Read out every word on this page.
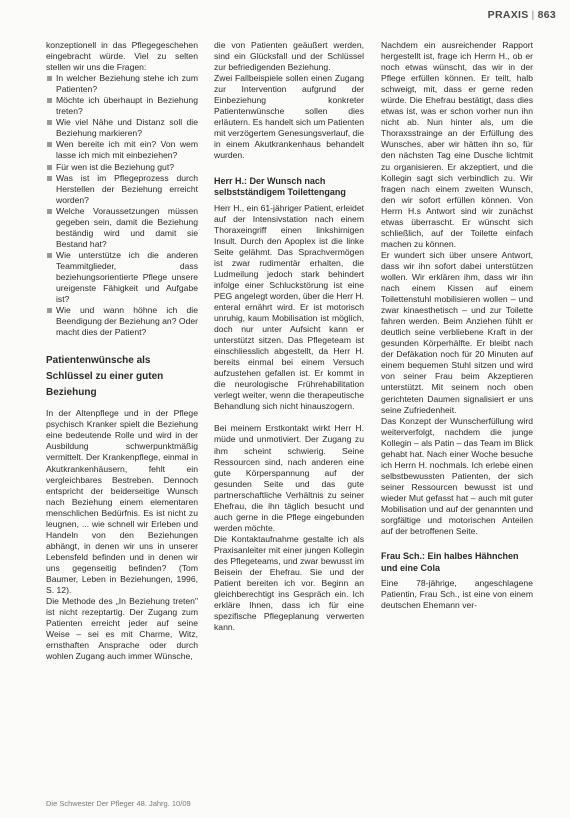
PRAXIS | 863

konzeptionell in das Pflegegeschehen eingebracht würde. Viel zu selten stellen wir uns die Fragen:

In welcher Beziehung stehe ich zum Patienten?

Möchte ich überhaupt in Beziehung treten?

Wie viel Nähe und Distanz soll die Beziehung markieren?

Wen bereite ich mit ein? Von wem lasse ich mich mit einbeziehen?

Für wen ist die Beziehung gut?

Was ist im Pflegeprozess durch Herstellen der Beziehung erreicht worden?

Welche Voraussetzungen müssen gegeben sein, damit die Beziehung beständig wird und damit sie Bestand hat?

Wie unterstütze ich die anderen Teammitglieder, dass beziehungsorientierte Pflege unsere ureigenste Fähigkeit und Aufgabe ist?

Wie und wann höhne ich die Beendigung der Beziehung an? Oder macht dies der Patient?

Patientenwünsche als Schlüssel zu einer guten Beziehung

In der Altenpflege und in der Pflege psychisch Kranker spielt die Beziehung eine bedeutende Rolle und wird in der Ausbildung schwerpunktmäßig vermittelt. Der Krankenpflege, einmal in Akutkrankenhäusern, fehlt ein vergleichbares Bestreben. Dennoch entspricht der beiderseitige Wunsch nach Beziehung einem elementaren menschlichen Bedürfnis. Es ist nicht zu leugnen, ... wie schnell wir Erleben und Handeln von den Beziehungen abhängt, in denen wir uns in unserer Lebensfeld befinden und in denen wir uns gegenseitig befinden? (Tom Baumer, Leben in Beziehungen, 1996, S. 12).

Die Methode des „In Beziehung treten" ist nicht rezeptartig. Der Zugang zum Patienten erreicht jeder auf seine Weise – sei es mit Charme, Witz, ernsthaften Ansprache oder durch wohlen Zugang auch immer Wünsche,

die von Patienten geäußert werden, sind ein Glücksfall und der Schlüssel zur befriedigenden Beziehung.

Zwei Fallbeispiele sollen einen Zugang zur Intervention aufgrund der Einbeziehung konkreter Patientenwünsche sollen dies erläutern. Es handelt sich um Patienten mit verzögertem Genesungsverlauf, die in einem Akutkrankenhaus behandelt wurden.

Herr H.: Der Wunsch nach selbstständigem Toilettengang

Herr H., ein 61-jähriger Patient, erleidet auf der Intensivstation nach einem Thoraxeingriff einen linkshirnigen Insult. Durch den Apoplex ist die linke Seite gelähmt. Das Sprachvermögen ist zwar rudimentär erhalten, die Ludmeilung jedoch stark behindert infolge einer Schluckstörung ist eine PEG angelegt worden, über die Herr H. enteral ernährt wird. Er ist motorisch unruhig, kaum Mobilisation ist möglich, doch nur unter Aufsicht kann er unterstützt sitzen. Das Pflegeteam ist einschliesslich abgestellt, da Herr H. bereits einmal bei einem Versuch aufzustehen gefallen ist. Er kommt in die neurologische Frührehabilitation verlegt weiter, wenn die therapeutische Behandlung sich nicht hinauszogern.

Bei meinem Erstkontakt wirkt Herr H. müde und unmotiviert. Der Zugang zu ihm scheint schwierig. Seine Ressourcen sind, nach anderen eine gute Körperspannung auf der gesunden Seite und das gute partnerschaftliche Verhältnis zu seiner Ehefrau, die ihn täglich besucht und auch gerne in die Pflege eingebunden werden möchte.

Die Kontaktaufnahme gestalte ich als Praxisanleiter mit einer jungen Kollegin des Pflegeteams, und zwar bewusst im Beisein der Ehefrau. Sie und der Patient bereiten ich vor. Beginn an gleichberechtigt ins Gespräch ein. Ich erkläre Ihnen, dass ich für eine spezifische Pflegeplanung verwerten kann.

Nachdem ein ausreichender Rapport hergestellt ist, frage ich Herrn H., ob er noch etwas wünscht, das wir in der Pflege erfüllen können. Er teilt, halb schweigt, mit, dass er gerne reden würde. Die Ehefrau bestätigt, dass dies etwas ist, was er schon vorher nun ihn nicht ab. Nun hinter als, um die Thoraxsstrainge an der Erfüllung des Wunsches, aber wir hätten ihn so, für den nächsten Tag eine Dusche lichtmit zu organisieren. Er akzeptiert, und die Kollegin sagt sich verbindlich zu. Wir fragen nach einem zweiten Wunsch, den wir sofort erfüllen können. Von Herrn H.s Antwort sind wir zunächst etwas überrascht. Er wünscht sich schließlich, auf der Toilette einfach machen zu können.

Er wundert sich über unsere Antwort, dass wir ihn sofort dabei unterstützen wollen. Wir erklären ihm, dass wir ihn nach einem Kissen auf einem Toilettenstuhl mobilisieren wollen – und zwar kinaesthetisch – und zur Toilette fahren werden. Beim Anziehen fühlt er deutlich seine verbliebene Kraft in der gesunden Körperhälfte. Er bleibt nach der Defäkation noch für 20 Minuten auf einem bequemen Stuhl sitzen und wird von seiner Frau beim Akzeptieren unterstützt. Mit seinem noch oben gerichteten Daumen signalisiert er uns seine Zufriedenheit.

Das Konzept der Wunscherfüllung wird weiterverfolgt, nachdem die junge Kollegin – als Patin – das Team im Blick gehabt hat. Nach einer Woche besuche ich Herrn H. nochmals. Ich erlebe einen selbstbewussten Patienten, der sich seiner Ressourcen bewusst ist und wieder Mut gefasst hat – auch mit guter Mobilisation und auf der genannten und sorgfältige und motorischen Anteilen auf der betroffenen Seite.

Frau Sch.: Ein halbes Hähnchen und eine Cola

Eine 78-jährige, angeschlagene Patientin, Frau Sch., ist eine von einem deutschen Ehemann ver-

Die Schwester Der Pfleger 48. Jahrg. 10/09
